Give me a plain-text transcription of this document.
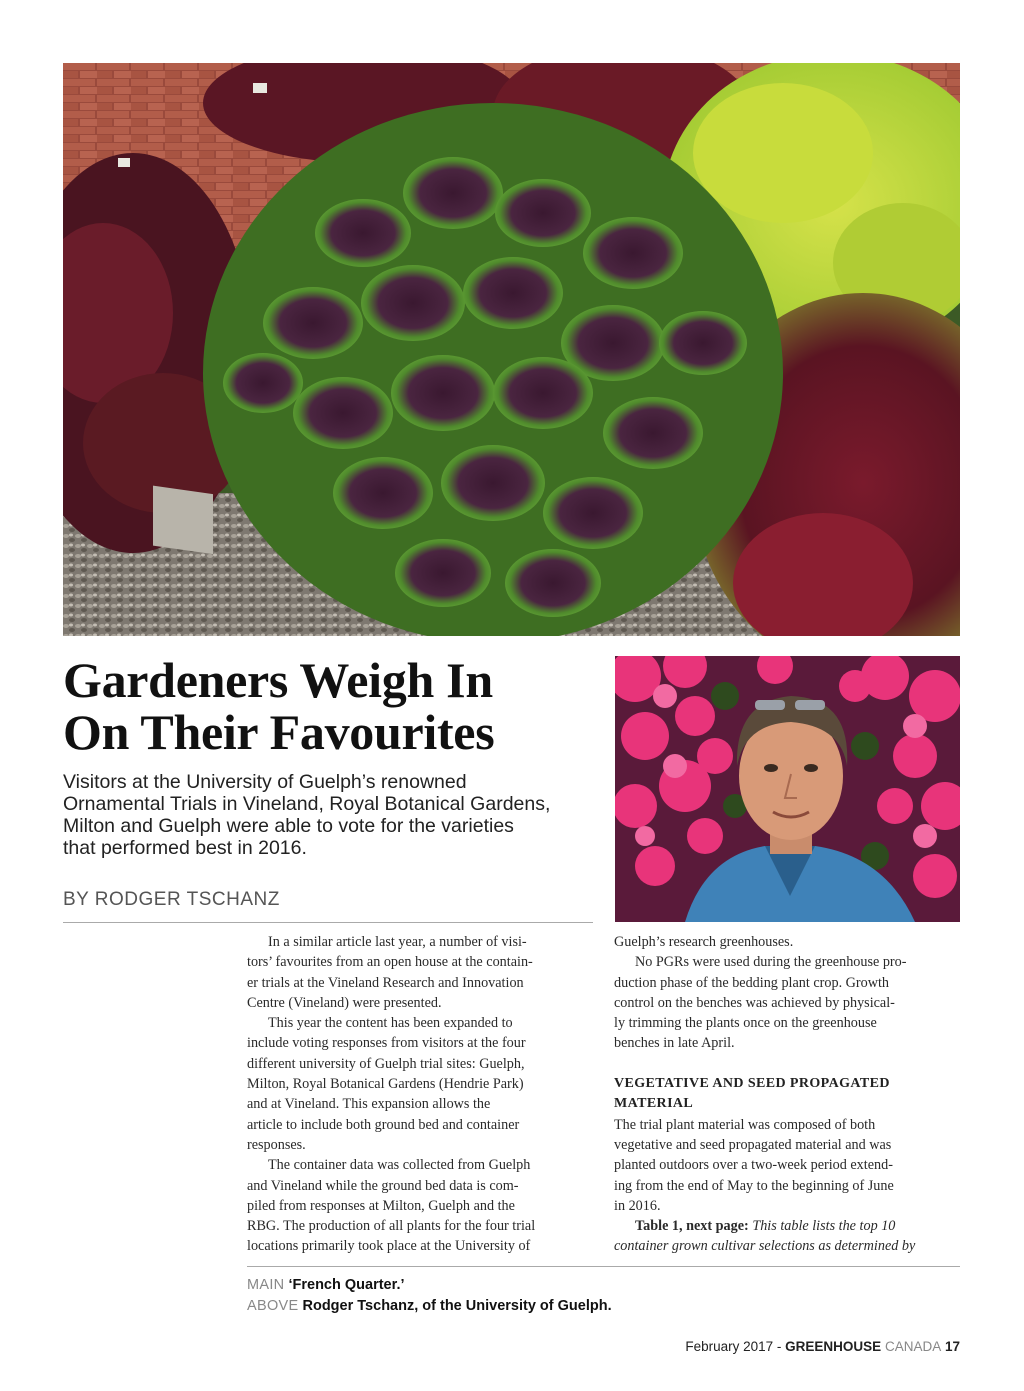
Gardeners Weigh In
On Their Favourites
Visitors at the University of Guelph’s renowned
Ornamental Trials in Vineland, Royal Botanical Gardens,
Milton and Guelph were able to vote for the varieties
that performed best in 2016.
BY RODGER TSCHANZ
In a similar article last year, a number of visi-
tors’ favourites from an open house at the contain-
er trials at the Vineland Research and Innovation
Centre (Vineland) were presented.
This year the content has been expanded to
include voting responses from visitors at the four
different university of Guelph trial sites: Guelph,
Milton, Royal Botanical Gardens (Hendrie Park)
and at Vineland. This expansion allows the
article to include both ground bed and container
responses.
The container data was collected from Guelph
and Vineland while the ground bed data is com-
piled from responses at Milton, Guelph and the
RBG. The production of all plants for the four trial
locations primarily took place at the University of
Guelph’s research greenhouses.
No PGRs were used during the greenhouse pro-
duction phase of the bedding plant crop. Growth
control on the benches was achieved by physical-
ly trimming the plants once on the greenhouse
benches in late April.
VEGETATIVE AND SEED PROPAGATED
MATERIAL
The trial plant material was composed of both
vegetative and seed propagated material and was
planted outdoors over a two-week period extend-
ing from the end of May to the beginning of June
in 2016.
Table 1, next page: This table lists the top 10
container grown cultivar selections as determined by
MAIN ‘French Quarter.’
ABOVE Rodger Tschanz, of the University of Guelph.
February 2017 - GREENHOUSE CANADA 17
